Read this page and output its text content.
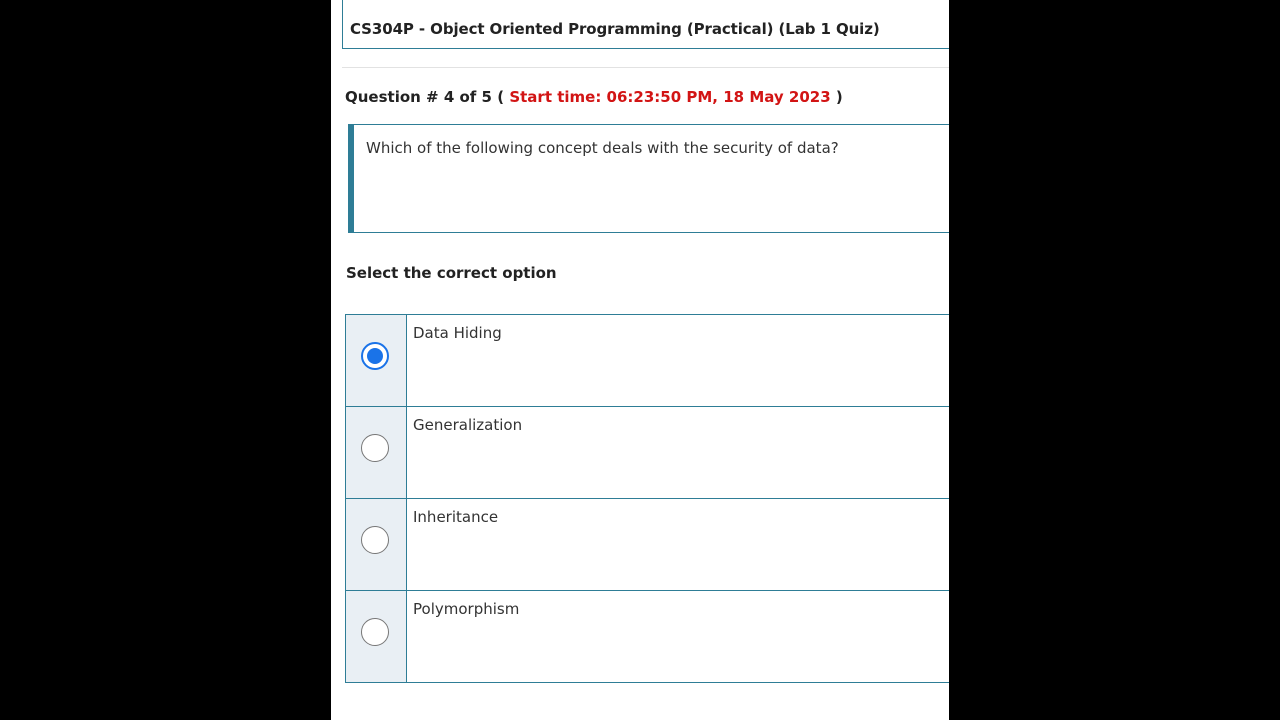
CS304P - Object Oriented Programming (Practical) (Lab 1 Quiz)
Question # 4 of 5 ( Start time: 06:23:50 PM, 18 May 2023 )
Which of the following concept deals with the security of data?
Select the correct option
Data Hiding
Generalization
Inheritance
Polymorphism
